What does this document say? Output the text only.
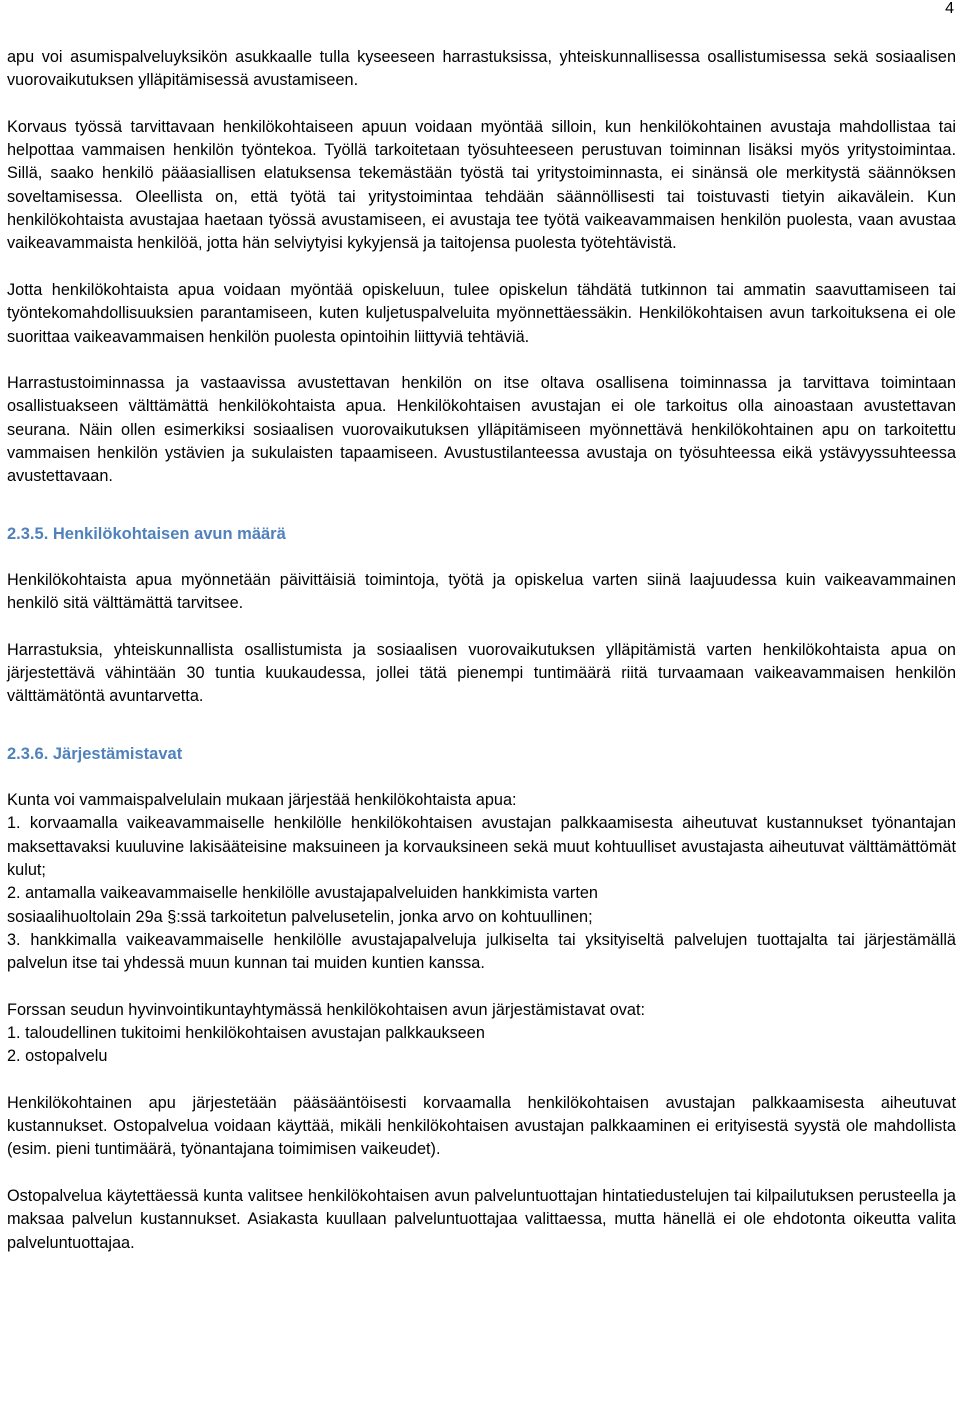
4

apu voi asumispalveluyksikön asukkaalle tulla kyseeseen harrastuksissa, yhteiskunnallisessa osallistumisessa sekä sosiaalisen vuorovaikutuksen ylläpitämisessä avustamiseen.

Korvaus työssä tarvittavaan henkilökohtaiseen apuun voidaan myöntää silloin, kun henkilökohtainen avustaja mahdollistaa tai helpottaa vammaisen henkilön työntekoa. Työllä tarkoitetaan työsuhteeseen perustuvan toiminnan lisäksi myös yritystoimintaa. Sillä, saako henkilö pääasiallisen elatuksensa tekemästään työstä tai yritystoiminnasta, ei sinänsä ole merkitystä säännöksen soveltamisessa. Oleellista on, että työtä tai yritystoimintaa tehdään säännöllisesti tai toistuvasti tietyin aikavälein. Kun henkilökohtaista avustajaa haetaan työssä avustamiseen, ei avustaja tee työtä vaikeavammaisen henkilön puolesta, vaan avustaa vaikeavammaista henkilöä, jotta hän selviytyisi kykyjensä ja taitojensa puolesta työtehtävistä.

Jotta henkilökohtaista apua voidaan myöntää opiskeluun, tulee opiskelun tähdätä tutkinnon tai ammatin saavuttamiseen tai työntekomahdollisuuksien parantamiseen, kuten kuljetuspalveluita myönnettäessäkin. Henkilökohtaisen avun tarkoituksena ei ole suorittaa vaikeavammaisen henkilön puolesta opintoihin liittyviä tehtäviä.

Harrastustoiminnassa ja vastaavissa avustettavan henkilön on itse oltava osallisena toiminnassa ja tarvittava toimintaan osallistuakseen välttämättä henkilökohtaista apua. Henkilökohtaisen avustajan ei ole tarkoitus olla ainoastaan avustettavan seurana. Näin ollen esimerkiksi sosiaalisen vuorovaikutuksen ylläpitämiseen myönnettävä henkilökohtainen apu on tarkoitettu vammaisen henkilön ystävien ja sukulaisten tapaamiseen. Avustustilanteessa avustaja on työsuhteessa eikä ystävyyssuhteessa avustettavaan.

2.3.5. Henkilökohtaisen avun määrä

Henkilökohtaista apua myönnetään päivittäisiä toimintoja, työtä ja opiskelua varten siinä laajuudessa kuin vaikeavammainen henkilö sitä välttämättä tarvitsee.

Harrastuksia, yhteiskunnallista osallistumista ja sosiaalisen vuorovaikutuksen ylläpitämistä varten henkilökohtaista apua on järjestettävä vähintään 30 tuntia kuukaudessa, jollei tätä pienempi tuntimäärä riitä turvaamaan vaikeavammaisen henkilön välttämätöntä avuntarvetta.

2.3.6. Järjestämistavat
Kunta voi vammaispalvelulain mukaan järjestää henkilökohtaista apua:
1. korvaamalla vaikeavammaiselle henkilölle henkilökohtaisen avustajan palkkaamisesta aiheutuvat kustannukset työnantajan maksettavaksi kuuluvine lakisääteisine maksuineen ja korvauksineen sekä muut kohtuulliset avustajasta aiheutuvat välttämättömät kulut;
2. antamalla vaikeavammaiselle henkilölle avustajapalveluiden hankkimista varten
sosiaalihuoltolain 29a §:ssä tarkoitetun palvelusetelin, jonka arvo on kohtuullinen;
3. hankkimalla vaikeavammaiselle henkilölle avustajapalveluja julkiselta tai yksityiseltä palvelujen tuottajalta tai järjestämällä palvelun itse tai yhdessä muun kunnan tai muiden kuntien kanssa.
Forssan seudun hyvinvointikuntayhtymässä henkilökohtaisen avun järjestämistavat ovat:
1. taloudellinen tukitoimi henkilökohtaisen avustajan palkkaukseen
2. ostopalvelu

Henkilökohtainen apu järjestetään pääsääntöisesti korvaamalla henkilökohtaisen avustajan palkkaamisesta aiheutuvat kustannukset. Ostopalvelua voidaan käyttää, mikäli henkilökohtaisen avustajan palkkaaminen ei erityisestä syystä ole mahdollista (esim. pieni tuntimäärä, työnantajana toimimisen vaikeudet).

Ostopalvelua käytettäessä kunta valitsee henkilökohtaisen avun palveluntuottajan hintatiedustelujen tai kilpailutuksen perusteella ja maksaa palvelun kustannukset. Asiakasta kuullaan palveluntuottajaa valittaessa, mutta hänellä ei ole ehdotonta oikeutta valita palveluntuottajaa.
